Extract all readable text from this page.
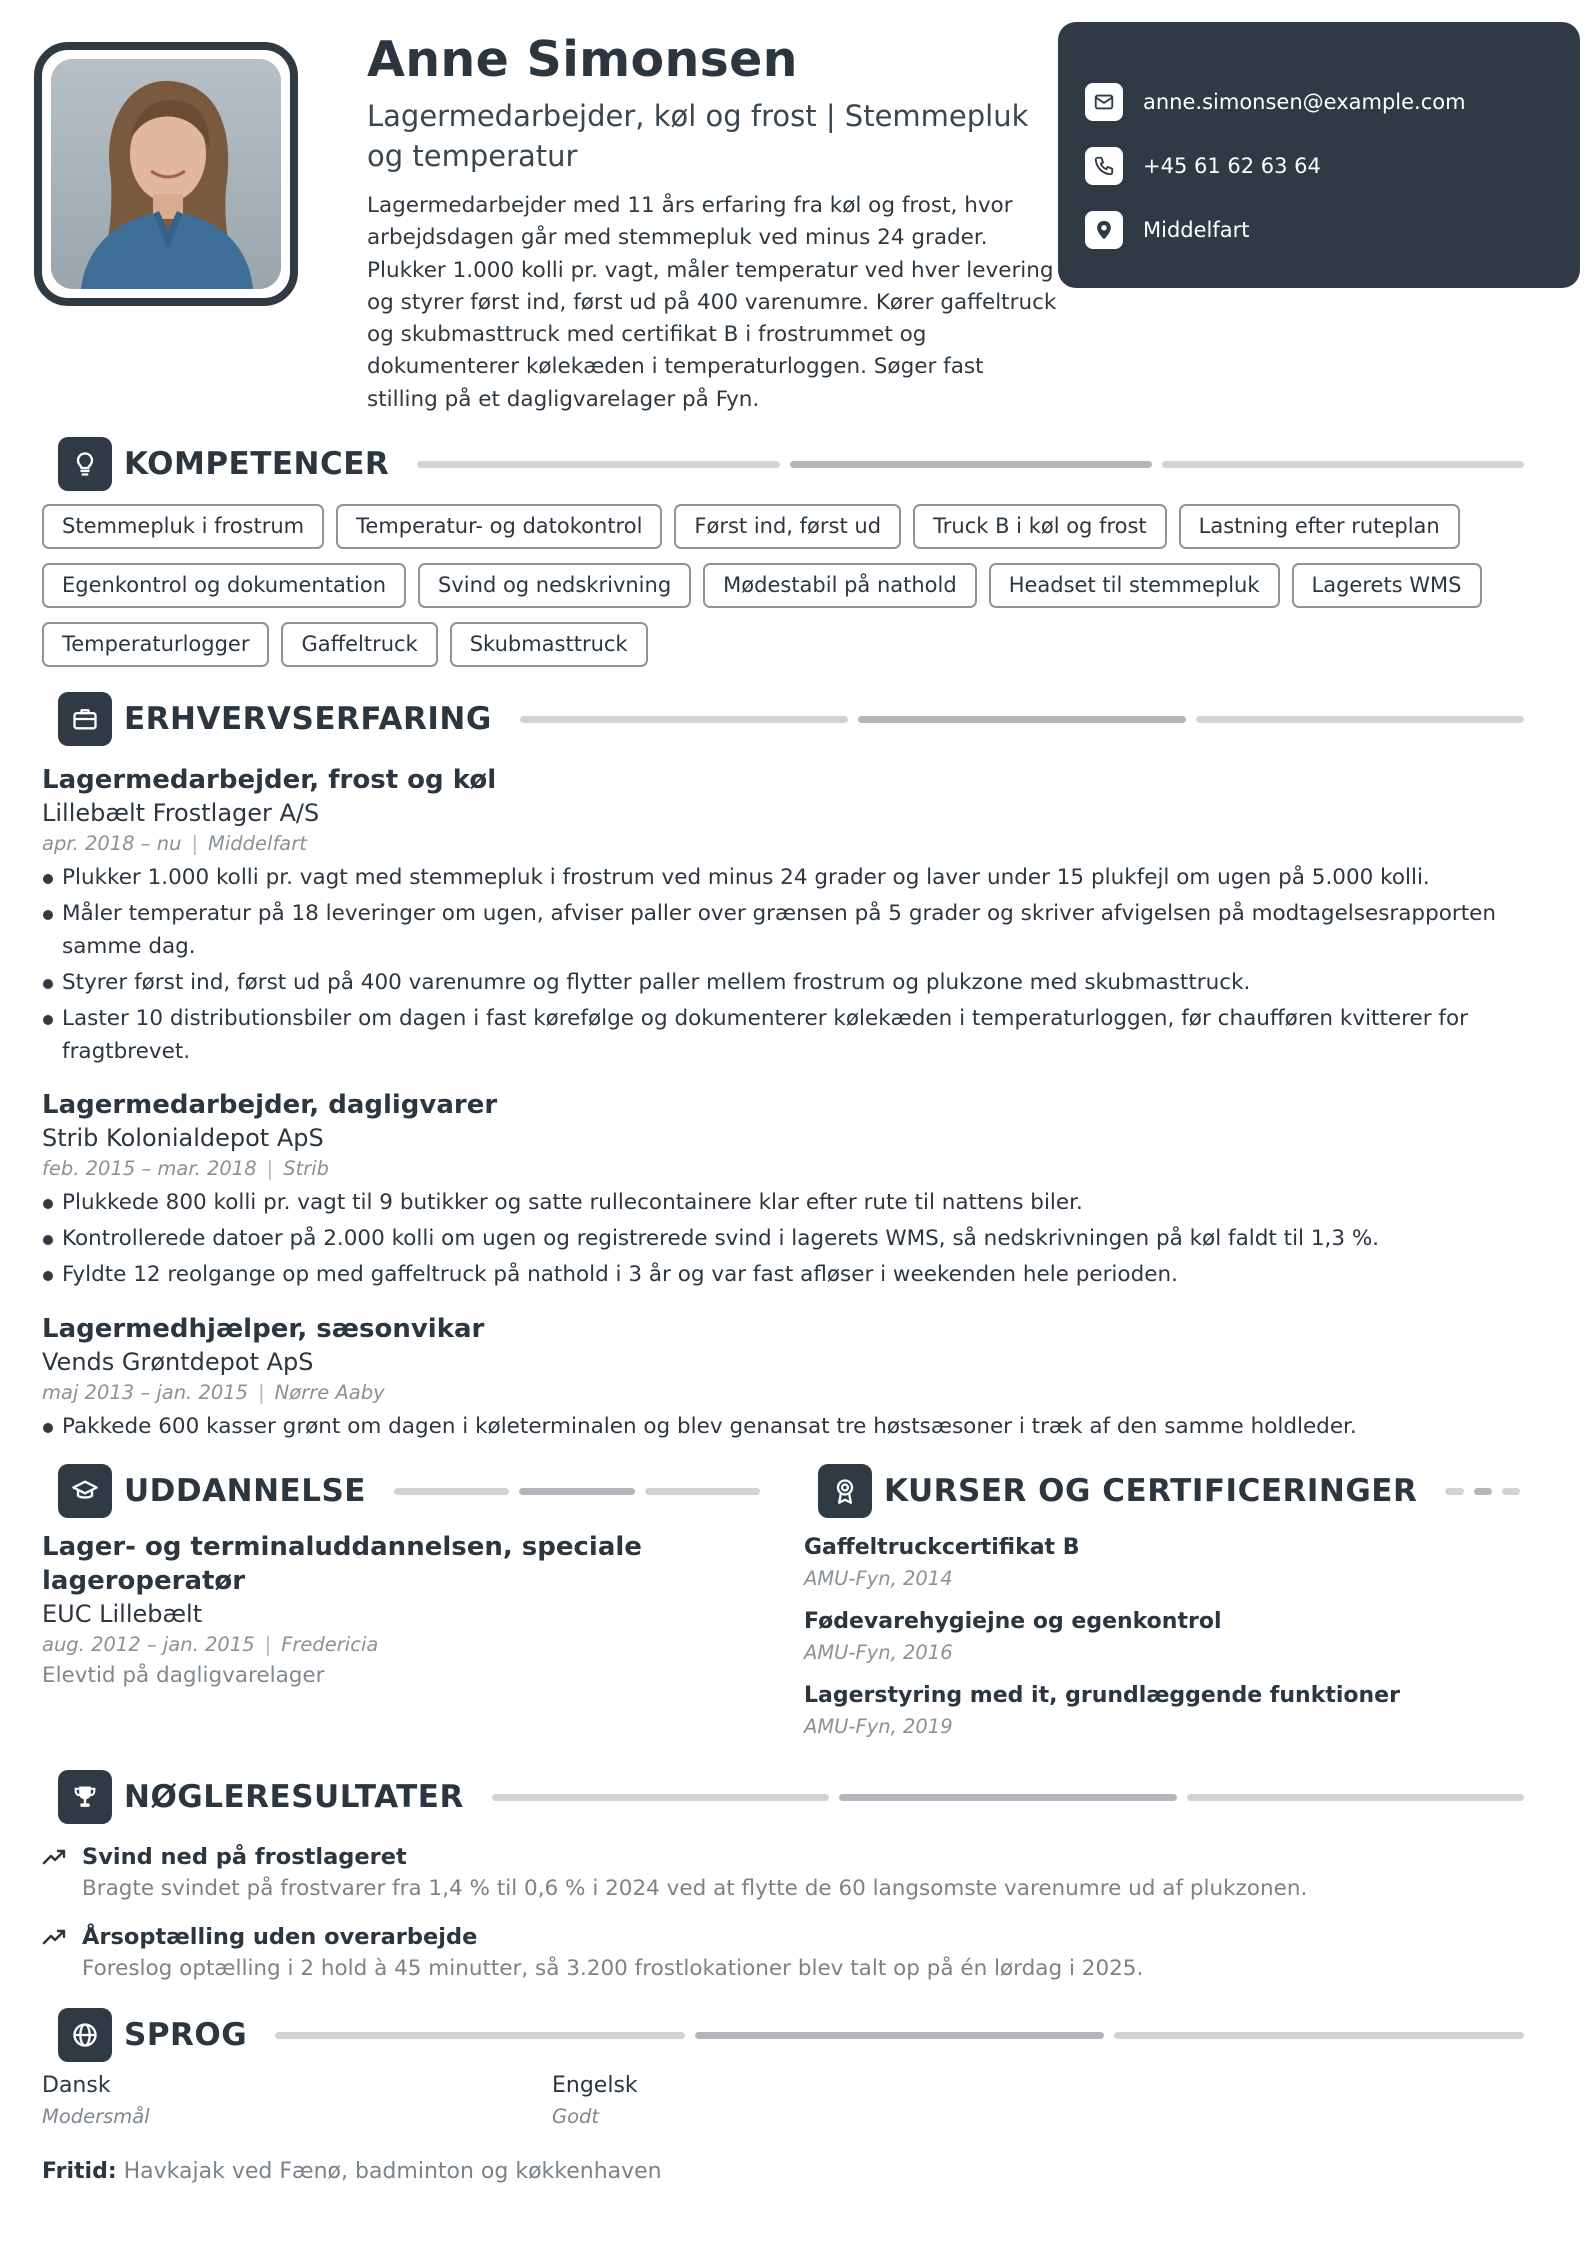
Anne Simonsen
Lagermedarbejder, køl og frost | Stemmepluk og temperatur
Lagermedarbejder med 11 års erfaring fra køl og frost, hvor arbejdsdagen går med stemmepluk ved minus 24 grader. Plukker 1.000 kolli pr. vagt, måler temperatur ved hver levering og styrer først ind, først ud på 400 varenumre. Kører gaffeltruck og skubmasttruck med certifikat B i frostrummet og dokumenterer kølekæden i temperaturloggen. Søger fast stilling på et dagligvarelager på Fyn.
anne.simonsen@example.com
+45 61 62 63 64
Middelfart
KOMPETENCER
Stemmepluk i frostrum	Temperatur- og datokontrol	Først ind, først ud	Truck B i køl og frost	Lastning efter ruteplan
Egenkontrol og dokumentation	Svind og nedskrivning	Mødestabil på nathold	Headset til stemmepluk	Lagerets WMS
Temperaturlogger	Gaffeltruck	Skubmasttruck
ERHVERVSERFARING
Lagermedarbejder, frost og køl
Lillebælt Frostlager A/S
apr. 2018 – nu | Middelfart
Plukker 1.000 kolli pr. vagt med stemmepluk i frostrum ved minus 24 grader og laver under 15 plukfejl om ugen på 5.000 kolli.
Måler temperatur på 18 leveringer om ugen, afviser paller over grænsen på 5 grader og skriver afvigelsen på modtagelsesrapporten samme dag.
Styrer først ind, først ud på 400 varenumre og flytter paller mellem frostrum og plukzone med skubmasttruck.
Laster 10 distributionsbiler om dagen i fast kørefølge og dokumenterer kølekæden i temperaturloggen, før chaufføren kvitterer for fragtbrevet.
Lagermedarbejder, dagligvarer
Strib Kolonialdepot ApS
feb. 2015 – mar. 2018 | Strib
Plukkede 800 kolli pr. vagt til 9 butikker og satte rullecontainere klar efter rute til nattens biler.
Kontrollerede datoer på 2.000 kolli om ugen og registrerede svind i lagerets WMS, så nedskrivningen på køl faldt til 1,3 %.
Fyldte 12 reolgange op med gaffeltruck på nathold i 3 år og var fast afløser i weekenden hele perioden.
Lagermedhjælper, sæsonvikar
Vends Grøntdepot ApS
maj 2013 – jan. 2015 | Nørre Aaby
Pakkede 600 kasser grønt om dagen i køleterminalen og blev genansat tre høstsæsoner i træk af den samme holdleder.
UDDANNELSE
Lager- og terminaluddannelsen, speciale lageroperatør
EUC Lillebælt
aug. 2012 – jan. 2015 | Fredericia
Elevtid på dagligvarelager
KURSER OG CERTIFICERINGER
Gaffeltruckcertifikat B
AMU-Fyn, 2014
Fødevarehygiejne og egenkontrol
AMU-Fyn, 2016
Lagerstyring med it, grundlæggende funktioner
AMU-Fyn, 2019
NØGLERESULTATER
Svind ned på frostlageret
Bragte svindet på frostvarer fra 1,4 % til 0,6 % i 2024 ved at flytte de 60 langsomste varenumre ud af plukzonen.
Årsoptælling uden overarbejde
Foreslog optælling i 2 hold à 45 minutter, så 3.200 frostlokationer blev talt op på én lørdag i 2025.
SPROG
Dansk
Modersmål
Engelsk
Godt
Fritid: Havkajak ved Fænø, badminton og køkkenhaven
